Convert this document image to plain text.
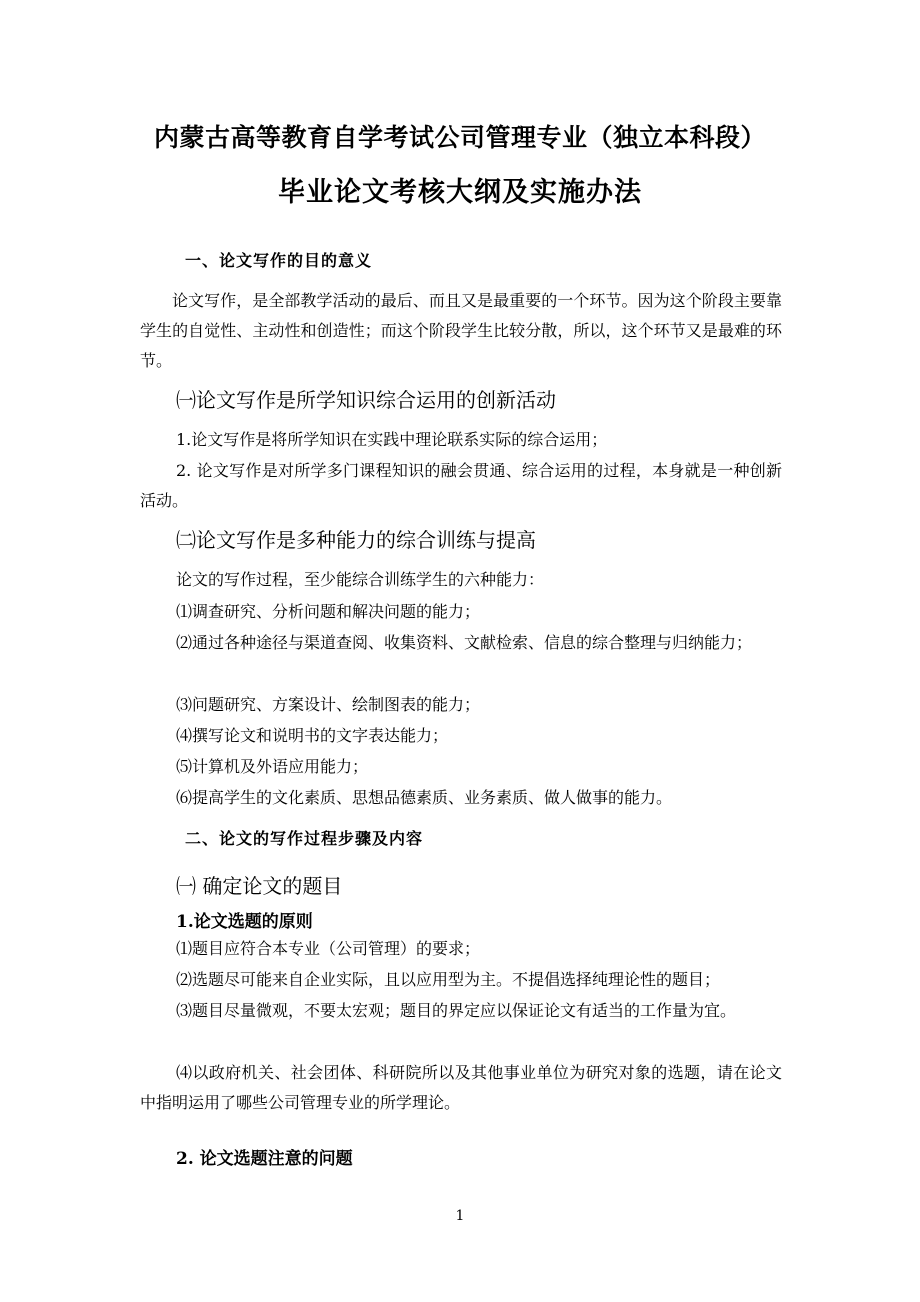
内蒙古高等教育自学考试公司管理专业（独立本科段）
毕业论文考核大纲及实施办法
一、论文写作的目的意义

论文写作，是全部教学活动的最后、而且又是最重要的一个环节。因为这个阶段主要靠学生的自觉性、主动性和创造性；而这个阶段学生比较分散，所以，这个环节又是最难的环节。

㈠论文写作是所学知识综合运用的创新活动
1.论文写作是将所学知识在实践中理论联系实际的综合运用；

2. 论文写作是对所学多门课程知识的融会贯通、综合运用的过程，本身就是一种创新活动。

㈡论文写作是多种能力的综合训练与提高
论文的写作过程，至少能综合训练学生的六种能力：
⑴调查研究、分析问题和解决问题的能力；

⑵通过各种途径与渠道查阅、收集资料、文献检索、信息的综合整理与归纳能力；

⑶问题研究、方案设计、绘制图表的能力；
⑷撰写论文和说明书的文字表达能力；
⑸计算机及外语应用能力；
⑹提高学生的文化素质、思想品德素质、业务素质、做人做事的能力。
二、论文的写作过程步骤及内容
㈠ 确定论文的题目
1.论文选题的原则
⑴题目应符合本专业（公司管理）的要求；
⑵选题尽可能来自企业实际，且以应用型为主。不提倡选择纯理论性的题目；

⑶题目尽量微观，不要太宏观；题目的界定应以保证论文有适当的工作量为宜。

⑷以政府机关、社会团体、科研院所以及其他事业单位为研究对象的选题，请在论文中指明运用了哪些公司管理专业的所学理论。

2. 论文选题注意的问题
1
